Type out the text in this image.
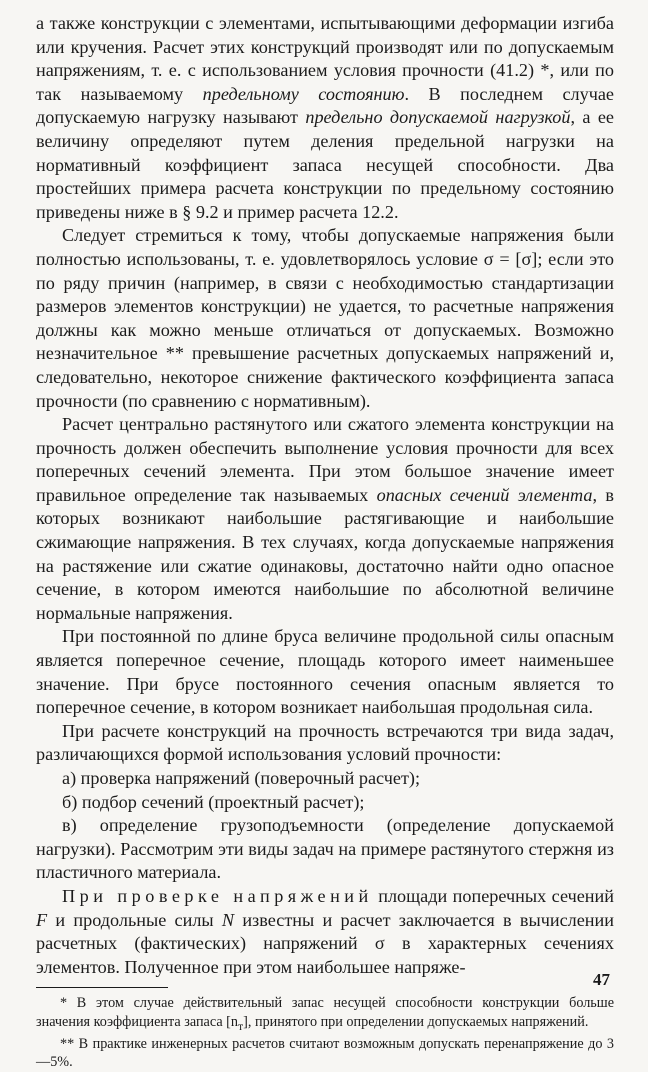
а также конструкции с элементами, испытывающими деформации изгиба или кручения. Расчет этих конструкций производят или по допускаемым напряжениям, т. е. с использованием условия прочности (41.2) *, или по так называемому предельному состоянию. В последнем случае допускаемую нагрузку называют предельно допускаемой нагрузкой, а ее величину определяют путем деления предельной нагрузки на нормативный коэффициент запаса несущей способности. Два простейших примера расчета конструкции по предельному состоянию приведены ниже в § 9.2 и пример расчета 12.2.

Следует стремиться к тому, чтобы допускаемые напряжения были полностью использованы, т. е. удовлетворялось условие σ = [σ]; если это по ряду причин (например, в связи с необходимостью стандартизации размеров элементов конструкции) не удается, то расчетные напряжения должны как можно меньше отличаться от допускаемых. Возможно незначительное ** превышение расчетных допускаемых напряжений и, следовательно, некоторое снижение фактического коэффициента запаса прочности (по сравнению с нормативным).

Расчет центрально растянутого или сжатого элемента конструкции на прочность должен обеспечить выполнение условия прочности для всех поперечных сечений элемента. При этом большое значение имеет правильное определение так называемых опасных сечений элемента, в которых возникают наибольшие растягивающие и наибольшие сжимающие напряжения. В тех случаях, когда допускаемые напряжения на растяжение или сжатие одинаковы, достаточно найти одно опасное сечение, в котором имеются наибольшие по абсолютной величине нормальные напряжения.

При постоянной по длине бруса величине продольной силы опасным является поперечное сечение, площадь которого имеет наименьшее значение. При брусе постоянного сечения опасным является то поперечное сечение, в котором возникает наибольшая продольная сила.

При расчете конструкций на прочность встречаются три вида задач, различающихся формой использования условий прочности:

а) проверка напряжений (поверочный расчет);

б) подбор сечений (проектный расчет);

в) определение грузоподъемности (определение допускаемой нагрузки). Рассмотрим эти виды задач на примере растянутого стержня из пластичного материала.

При проверке напряжений площади поперечных сечений F и продольные силы N известны и расчет заключается в вычислении расчетных (фактических) напряжений σ в характерных сечениях элементов. Полученное при этом наибольшее напряже-

* В этом случае действительный запас несущей способности конструкции больше значения коэффициента запаса $[n_т]$, принятого при определении допускаемых напряжений.

** В практике инженерных расчетов считают возможным допускать перенапряжение до 3—5%.

47
